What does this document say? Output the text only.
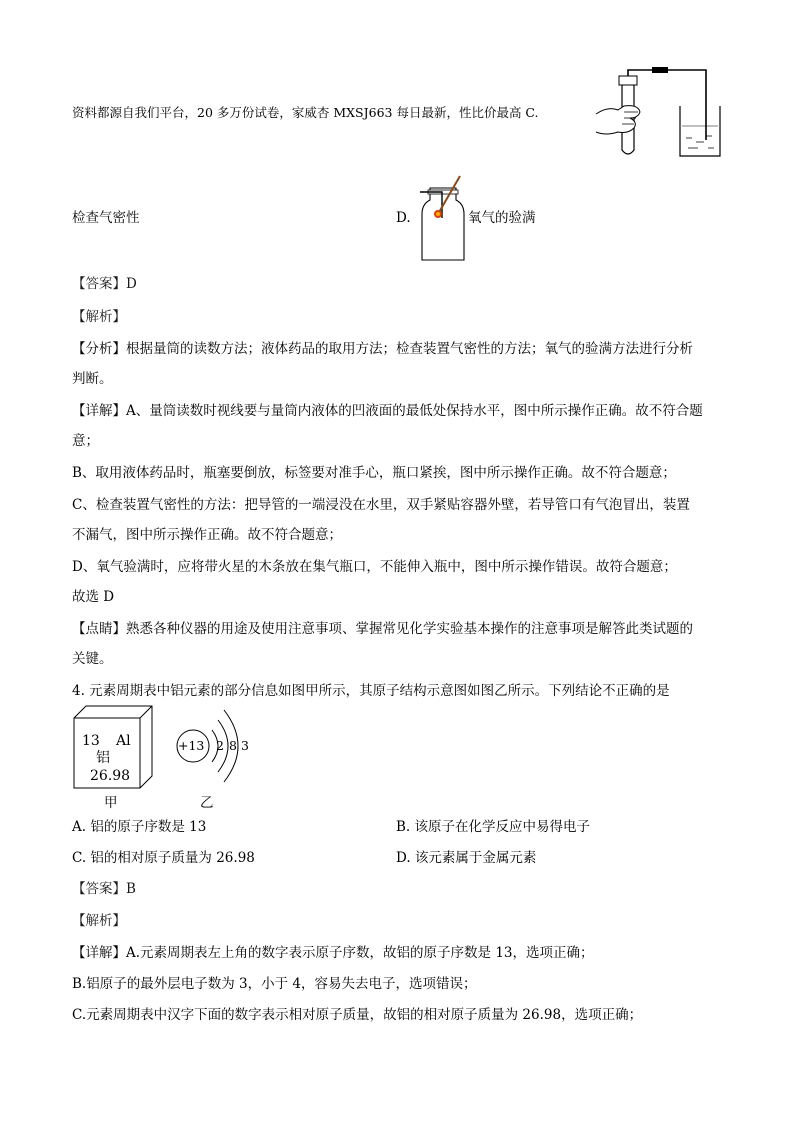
资料都源自我们平台，20 多万份试卷，家威杏 MXSJ663 每日最新，性比价最高 C.
检查气密性	D.	氧气的验满
【答案】D
【解析】
【分析】根据量筒的读数方法；液体药品的取用方法；检查装置气密性的方法；氧气的验满方法进行分析
判断。
【详解】A、量筒读数时视线要与量筒内液体的凹液面的最低处保持水平，图中所示操作正确。故不符合题
意；
B、取用液体药品时，瓶塞要倒放，标签要对准手心，瓶口紧挨，图中所示操作正确。故不符合题意；
C、检查装置气密性的方法：把导管的一端浸没在水里，双手紧贴容器外壁，若导管口有气泡冒出，装置
不漏气，图中所示操作正确。故不符合题意；
D、氧气验满时，应将带火星的木条放在集气瓶口，不能伸入瓶中，图中所示操作错误。故符合题意；
故选 D
【点睛】熟悉各种仪器的用途及使用注意事项、掌握常见化学实验基本操作的注意事项是解答此类试题的
关键。
4. 元素周期表中铝元素的部分信息如图甲所示，其原子结构示意图如图乙所示。下列结论不正确的是
13 Al
铝
26.98
甲
+13 2 8 3
乙
A. 铝的原子序数是 13	B. 该原子在化学反应中易得电子
C. 铝的相对原子质量为 26.98	D. 该元素属于金属元素
【答案】B
【解析】
【详解】A.元素周期表左上角的数字表示原子序数，故铝的原子序数是 13，选项正确；
B.铝原子的最外层电子数为 3，小于 4，容易失去电子，选项错误；
C.元素周期表中汉字下面的数字表示相对原子质量，故铝的相对原子质量为 26.98，选项正确；
